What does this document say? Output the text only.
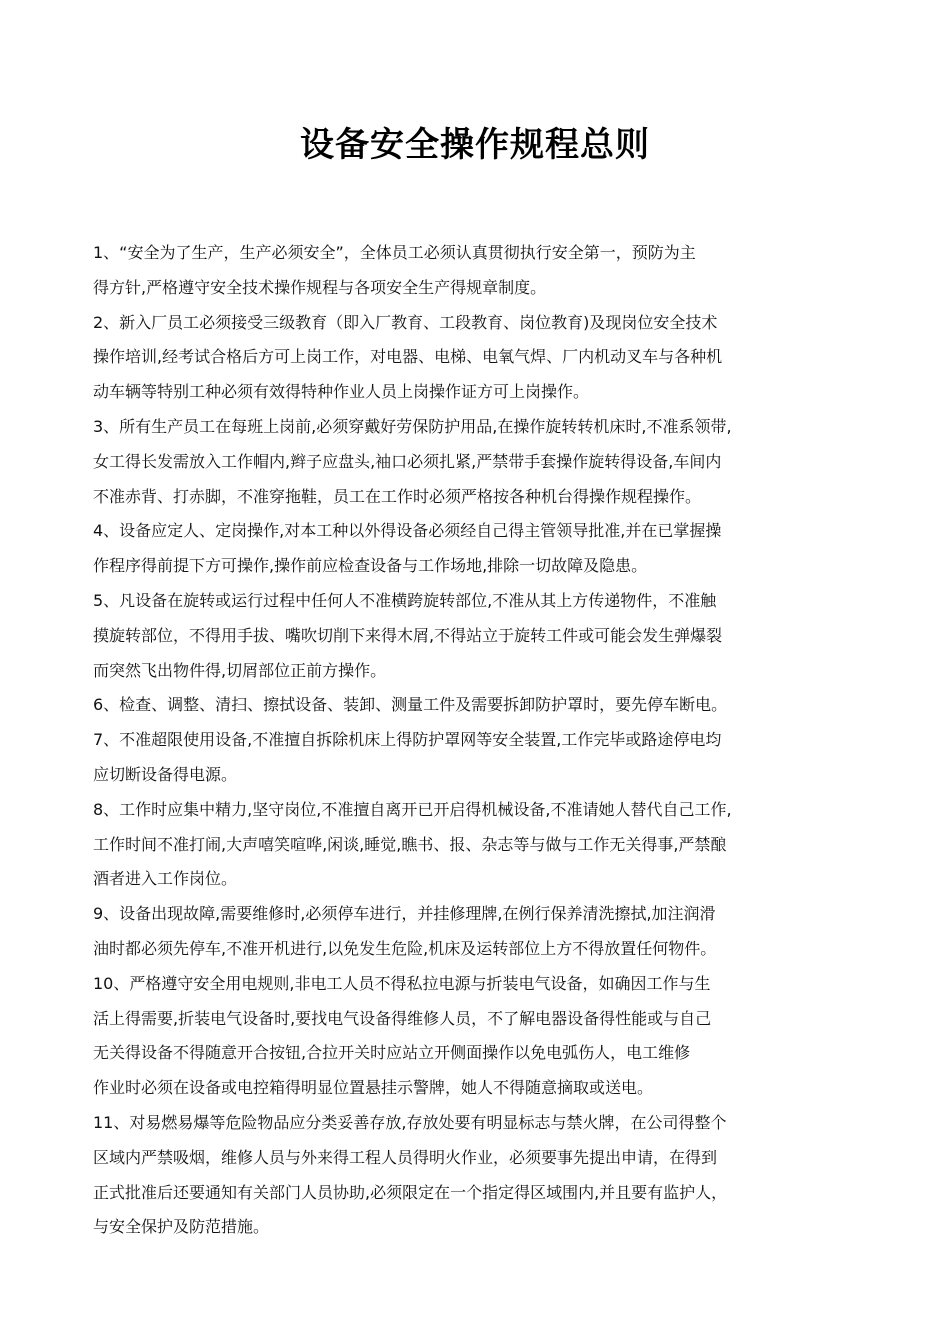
设备安全操作规程总则
1、“安全为了生产，生产必须安全”，全体员工必须认真贯彻执行安全第一，预防为主
得方针,严格遵守安全技术操作规程与各项安全生产得规章制度。
2、新入厂员工必须接受三级教育（即入厂教育、工段教育、岗位教育)及现岗位安全技术
操作培训,经考试合格后方可上岗工作，对电器、电梯、电氧气焊、厂内机动叉车与各种机
动车辆等特别工种必须有效得特种作业人员上岗操作证方可上岗操作。
3、所有生产员工在每班上岗前,必须穿戴好劳保防护用品,在操作旋转转机床时,不准系领带,
女工得长发需放入工作帽内,辫子应盘头,袖口必须扎紧,严禁带手套操作旋转得设备,车间内
不准赤背、打赤脚，不准穿拖鞋，员工在工作时必须严格按各种机台得操作规程操作。
4、设备应定人、定岗操作,对本工种以外得设备必须经自己得主管领导批准,并在已掌握操
作程序得前提下方可操作,操作前应检查设备与工作场地,排除一切故障及隐患。
5、凡设备在旋转或运行过程中任何人不准横跨旋转部位,不准从其上方传递物件，不准触
摸旋转部位，不得用手拔、嘴吹切削下来得木屑,不得站立于旋转工件或可能会发生弹爆裂
而突然飞出物件得,切屑部位正前方操作。
6、检查、调整、清扫、擦拭设备、装卸、测量工件及需要拆卸防护罩时，要先停车断电。
7、不准超限使用设备,不准擅自拆除机床上得防护罩网等安全装置,工作完毕或路途停电均
应切断设备得电源。
8、工作时应集中精力,坚守岗位,不准擅自离开已开启得机械设备,不准请她人替代自己工作,
工作时间不准打闹,大声嘻笑喧哗,闲谈,睡觉,瞧书、报、杂志等与做与工作无关得事,严禁酿
酒者进入工作岗位。
9、设备出现故障,需要维修时,必须停车进行，并挂修理牌,在例行保养清洗擦拭,加注润滑
油时都必须先停车,不准开机进行,以免发生危险,机床及运转部位上方不得放置任何物件。
10、严格遵守安全用电规则,非电工人员不得私拉电源与折装电气设备，如确因工作与生
活上得需要,折装电气设备时,要找电气设备得维修人员，不了解电器设备得性能或与自己
无关得设备不得随意开合按钮,合拉开关时应站立开侧面操作以免电弧伤人，电工维修
作业时必须在设备或电控箱得明显位置悬挂示警牌，她人不得随意摘取或送电。
11、对易燃易爆等危险物品应分类妥善存放,存放处要有明显标志与禁火牌，在公司得整个
区域内严禁吸烟，维修人员与外来得工程人员得明火作业，必须要事先提出申请，在得到
正式批准后还要通知有关部门人员协助,必须限定在一个指定得区域围内,并且要有监护人，
与安全保护及防范措施。
